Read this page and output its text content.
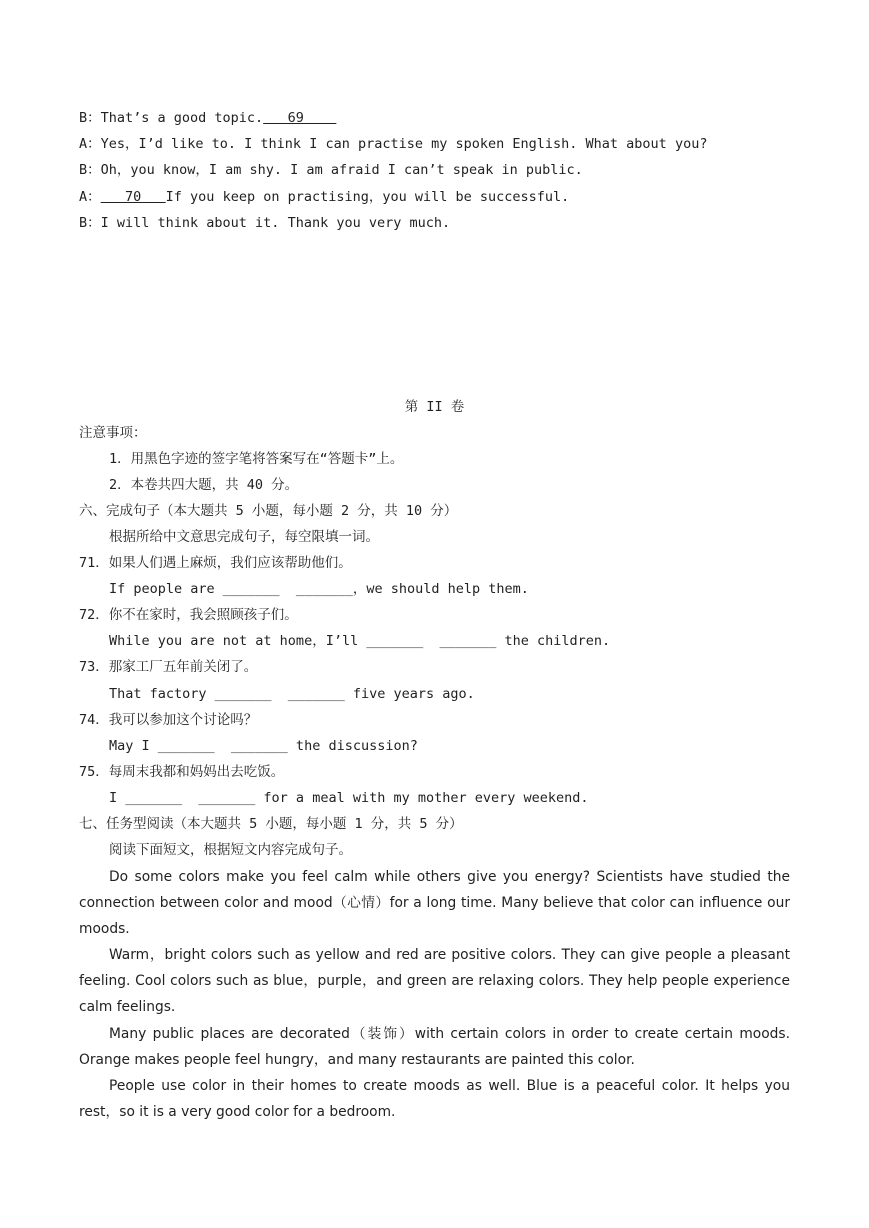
B：That’s a good topic.   69
A：Yes，I’d like to. I think I can practise my spoken English. What about you?
B：Oh，you know，I am shy. I am afraid I can’t speak in public.
A：   70   If you keep on practising，you will be successful.
B：I will think about it. Thank you very much.
第 II 卷
注意事项：
1．用黑色字迹的签字笔将答案写在“答题卡”上。
2．本卷共四大题，共 40 分。
六、完成句子（本大题共 5 小题，每小题 2 分，共 10 分）
根据所给中文意思完成句子，每空限填一词。
71．如果人们遇上麻烦，我们应该帮助他们。
If people are _______  _______，we should help them.
72．你不在家时，我会照顾孩子们。
While you are not at home，I’ll _______  _______ the children.
73．那家工厂五年前关闭了。
That factory _______  _______ five years ago.
74．我可以参加这个讨论吗？
May I _______  _______ the discussion?
75．每周末我都和妈妈出去吃饭。
I _______  _______ for a meal with my mother every weekend.
七、任务型阅读（本大题共 5 小题，每小题 1 分，共 5 分）
阅读下面短文，根据短文内容完成句子。
Do some colors make you feel calm while others give you energy? Scientists have studied the connection between color and mood（心情）for a long time. Many believe that color can influence our moods.
Warm，bright colors such as yellow and red are positive colors. They can give people a pleasant feeling. Cool colors such as blue，purple，and green are relaxing colors. They help people experience calm feelings.
Many public places are decorated（装饰）with certain colors in order to create certain moods. Orange makes people feel hungry，and many restaurants are painted this color.
People use color in their homes to create moods as well. Blue is a peaceful color. It helps you rest，so it is a very good color for a bedroom.
